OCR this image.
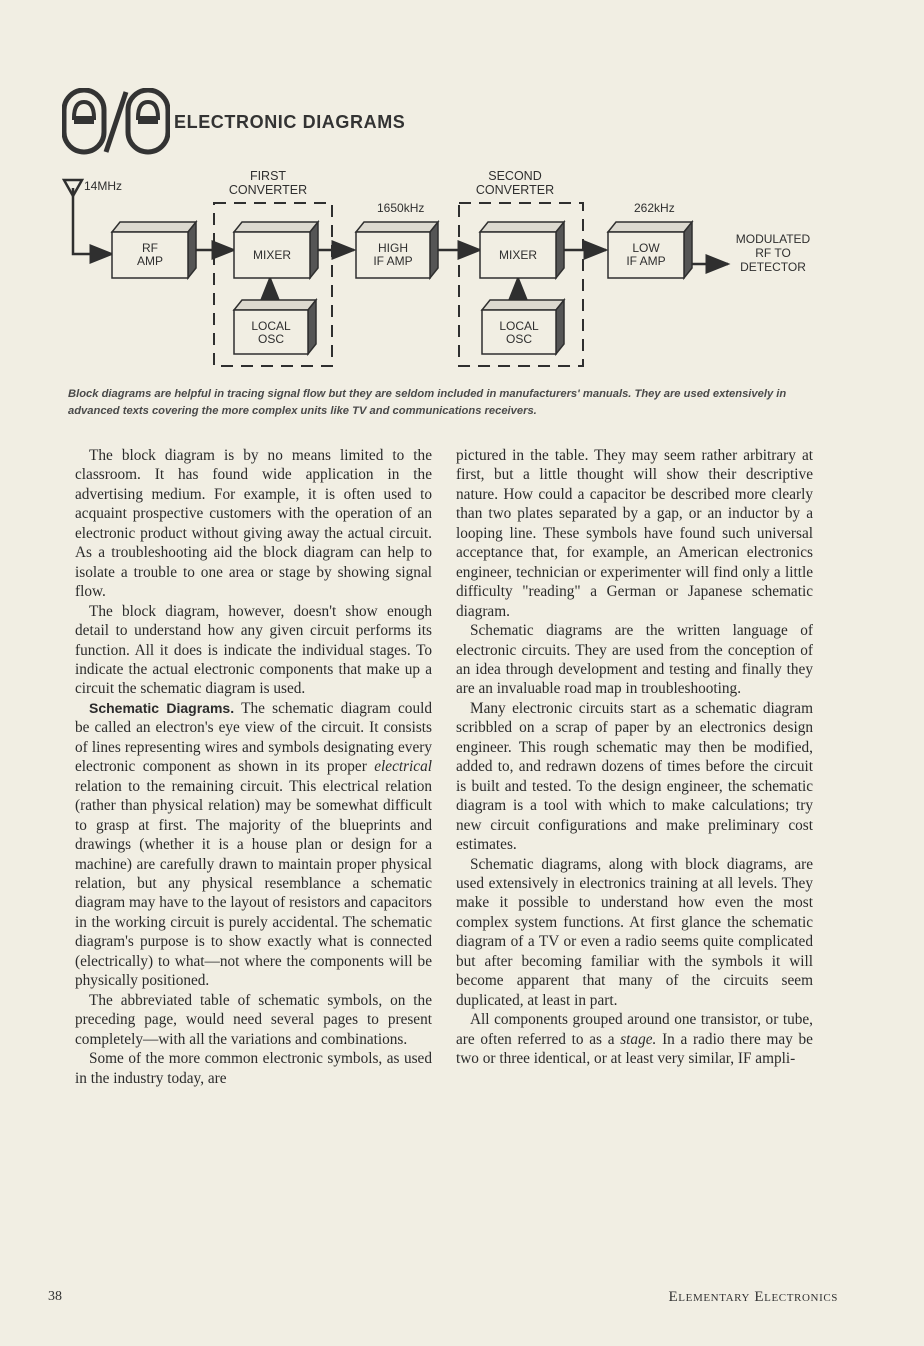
ELECTRONIC DIAGRAMS
14MHz
FIRST
CONVERTER
SECOND
CONVERTER
1650kHz	262kHz
RF
AMP	MIXER	HIGH
IF AMP	MIXER	LOW
IF AMP
LOCAL
OSC
LOCAL
OSC
MODULATED
RF TO
DETECTOR

Block diagrams are helpful in tracing signal flow but they are seldom included in manufacturers' manuals. They are used extensively in advanced texts covering the more complex units like TV and communications receivers.

The block diagram is by no means limited to the classroom. It has found wide application in the advertising medium. For example, it is often used to acquaint prospective customers with the operation of an electronic product without giving away the actual circuit. As a troubleshooting aid the block diagram can help to isolate a trouble to one area or stage by showing signal flow.

The block diagram, however, doesn't show enough detail to understand how any given circuit performs its function. All it does is indicate the individual stages. To indicate the actual electronic components that make up a circuit the schematic diagram is used.

Schematic Diagrams. The schematic diagram could be called an electron's eye view of the circuit. It consists of lines representing wires and symbols designating every electronic component as shown in its proper electrical relation to the remaining circuit. This electrical relation (rather than physical relation) may be somewhat difficult to grasp at first. The majority of the blueprints and drawings (whether it is a house plan or design for a machine) are carefully drawn to maintain proper physical relation, but any physical resemblance a schematic diagram may have to the layout of resistors and capacitors in the working circuit is purely accidental. The schematic diagram's purpose is to show exactly what is connected (electrically) to what—not where the components will be physically positioned.

The abbreviated table of schematic symbols, on the preceding page, would need several pages to present completely—with all the variations and combinations.

Some of the more common electronic symbols, as used in the industry today, are

pictured in the table. They may seem rather arbitrary at first, but a little thought will show their descriptive nature. How could a capacitor be described more clearly than two plates separated by a gap, or an inductor by a looping line. These symbols have found such universal acceptance that, for example, an American electronics engineer, technician or experimenter will find only a little difficulty "reading" a German or Japanese schematic diagram.

Schematic diagrams are the written language of electronic circuits. They are used from the conception of an idea through development and testing and finally they are an invaluable road map in troubleshooting.

Many electronic circuits start as a schematic diagram scribbled on a scrap of paper by an electronics design engineer. This rough schematic may then be modified, added to, and redrawn dozens of times before the circuit is built and tested. To the design engineer, the schematic diagram is a tool with which to make calculations; try new circuit configurations and make preliminary cost estimates.

Schematic diagrams, along with block diagrams, are used extensively in electronics training at all levels. They make it possible to understand how even the most complex system functions. At first glance the schematic diagram of a TV or even a radio seems quite complicated but after becoming familiar with the symbols it will become apparent that many of the circuits seem duplicated, at least in part.

All components grouped around one transistor, or tube, are often referred to as a stage. In a radio there may be two or three identical, or at least very similar, IF ampli-

38	Elementary Electronics
